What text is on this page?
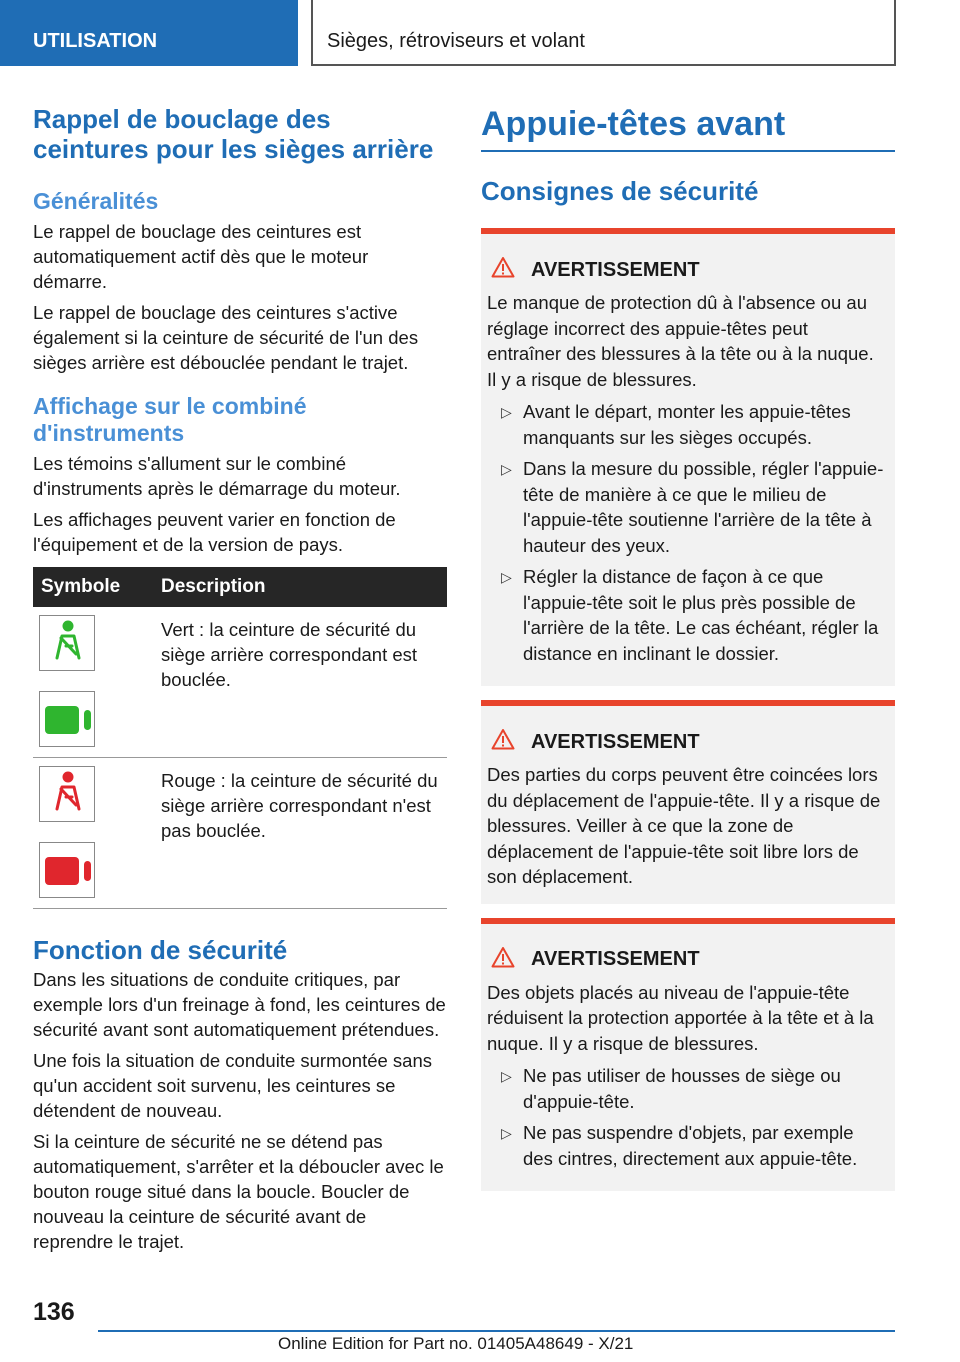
UTILISATION	Sièges, rétroviseurs et volant
Rappel de bouclage des ceintures pour les sièges arrière
Généralités

Le rappel de bouclage des ceintures est automatiquement actif dès que le moteur démarre.

Le rappel de bouclage des ceintures s'active également si la ceinture de sécurité de l'un des sièges arrière est débouclée pendant le trajet.

Affichage sur le combiné d'instruments

Les témoins s'allument sur le combiné d'instruments après le démarrage du moteur.

Les affichages peuvent varier en fonction de l'équipement et de la version de pays.

Symbole	Description

	Vert : la ceinture de sécurité du siège arrière correspondant est bouclée.

	Rouge : la ceinture de sécurité du siège arrière correspondant n'est pas bouclée.
Fonction de sécurité

Dans les situations de conduite critiques, par exemple lors d'un freinage à fond, les ceintures de sécurité avant sont automatiquement prétendues.

Une fois la situation de conduite surmontée sans qu'un accident soit survenu, les ceintures se détendent de nouveau.

Si la ceinture de sécurité ne se détend pas automatiquement, s'arrêter et la déboucler avec le bouton rouge situé dans la boucle. Boucler de nouveau la ceinture de sécurité avant de reprendre le trajet.

Appuie-têtes avant
Consignes de sécurité
AVERTISSEMENT

Le manque de protection dû à l'absence ou au réglage incorrect des appuie-têtes peut entraîner des blessures à la tête ou à la nuque. Il y a risque de blessures.

▷ Avant le départ, monter les appuie-têtes manquants sur les sièges occupés.
▷ Dans la mesure du possible, régler l'appuie-tête de manière à ce que le milieu de l'appuie-tête soutienne l'arrière de la tête à hauteur des yeux.
▷ Régler la distance de façon à ce que l'appuie-tête soit le plus près possible de l'arrière de la tête. Le cas échéant, régler la distance en inclinant le dossier.
AVERTISSEMENT

Des parties du corps peuvent être coincées lors du déplacement de l'appuie-tête. Il y a risque de blessures. Veiller à ce que la zone de déplacement de l'appuie-tête soit libre lors de son déplacement.

AVERTISSEMENT

Des objets placés au niveau de l'appuie-tête réduisent la protection apportée à la tête et à la nuque. Il y a risque de blessures.

▷ Ne pas utiliser de housses de siège ou d'appuie-tête.
▷ Ne pas suspendre d'objets, par exemple des cintres, directement aux appuie-tête.
136
Online Edition for Part no. 01405A48649 - X/21
